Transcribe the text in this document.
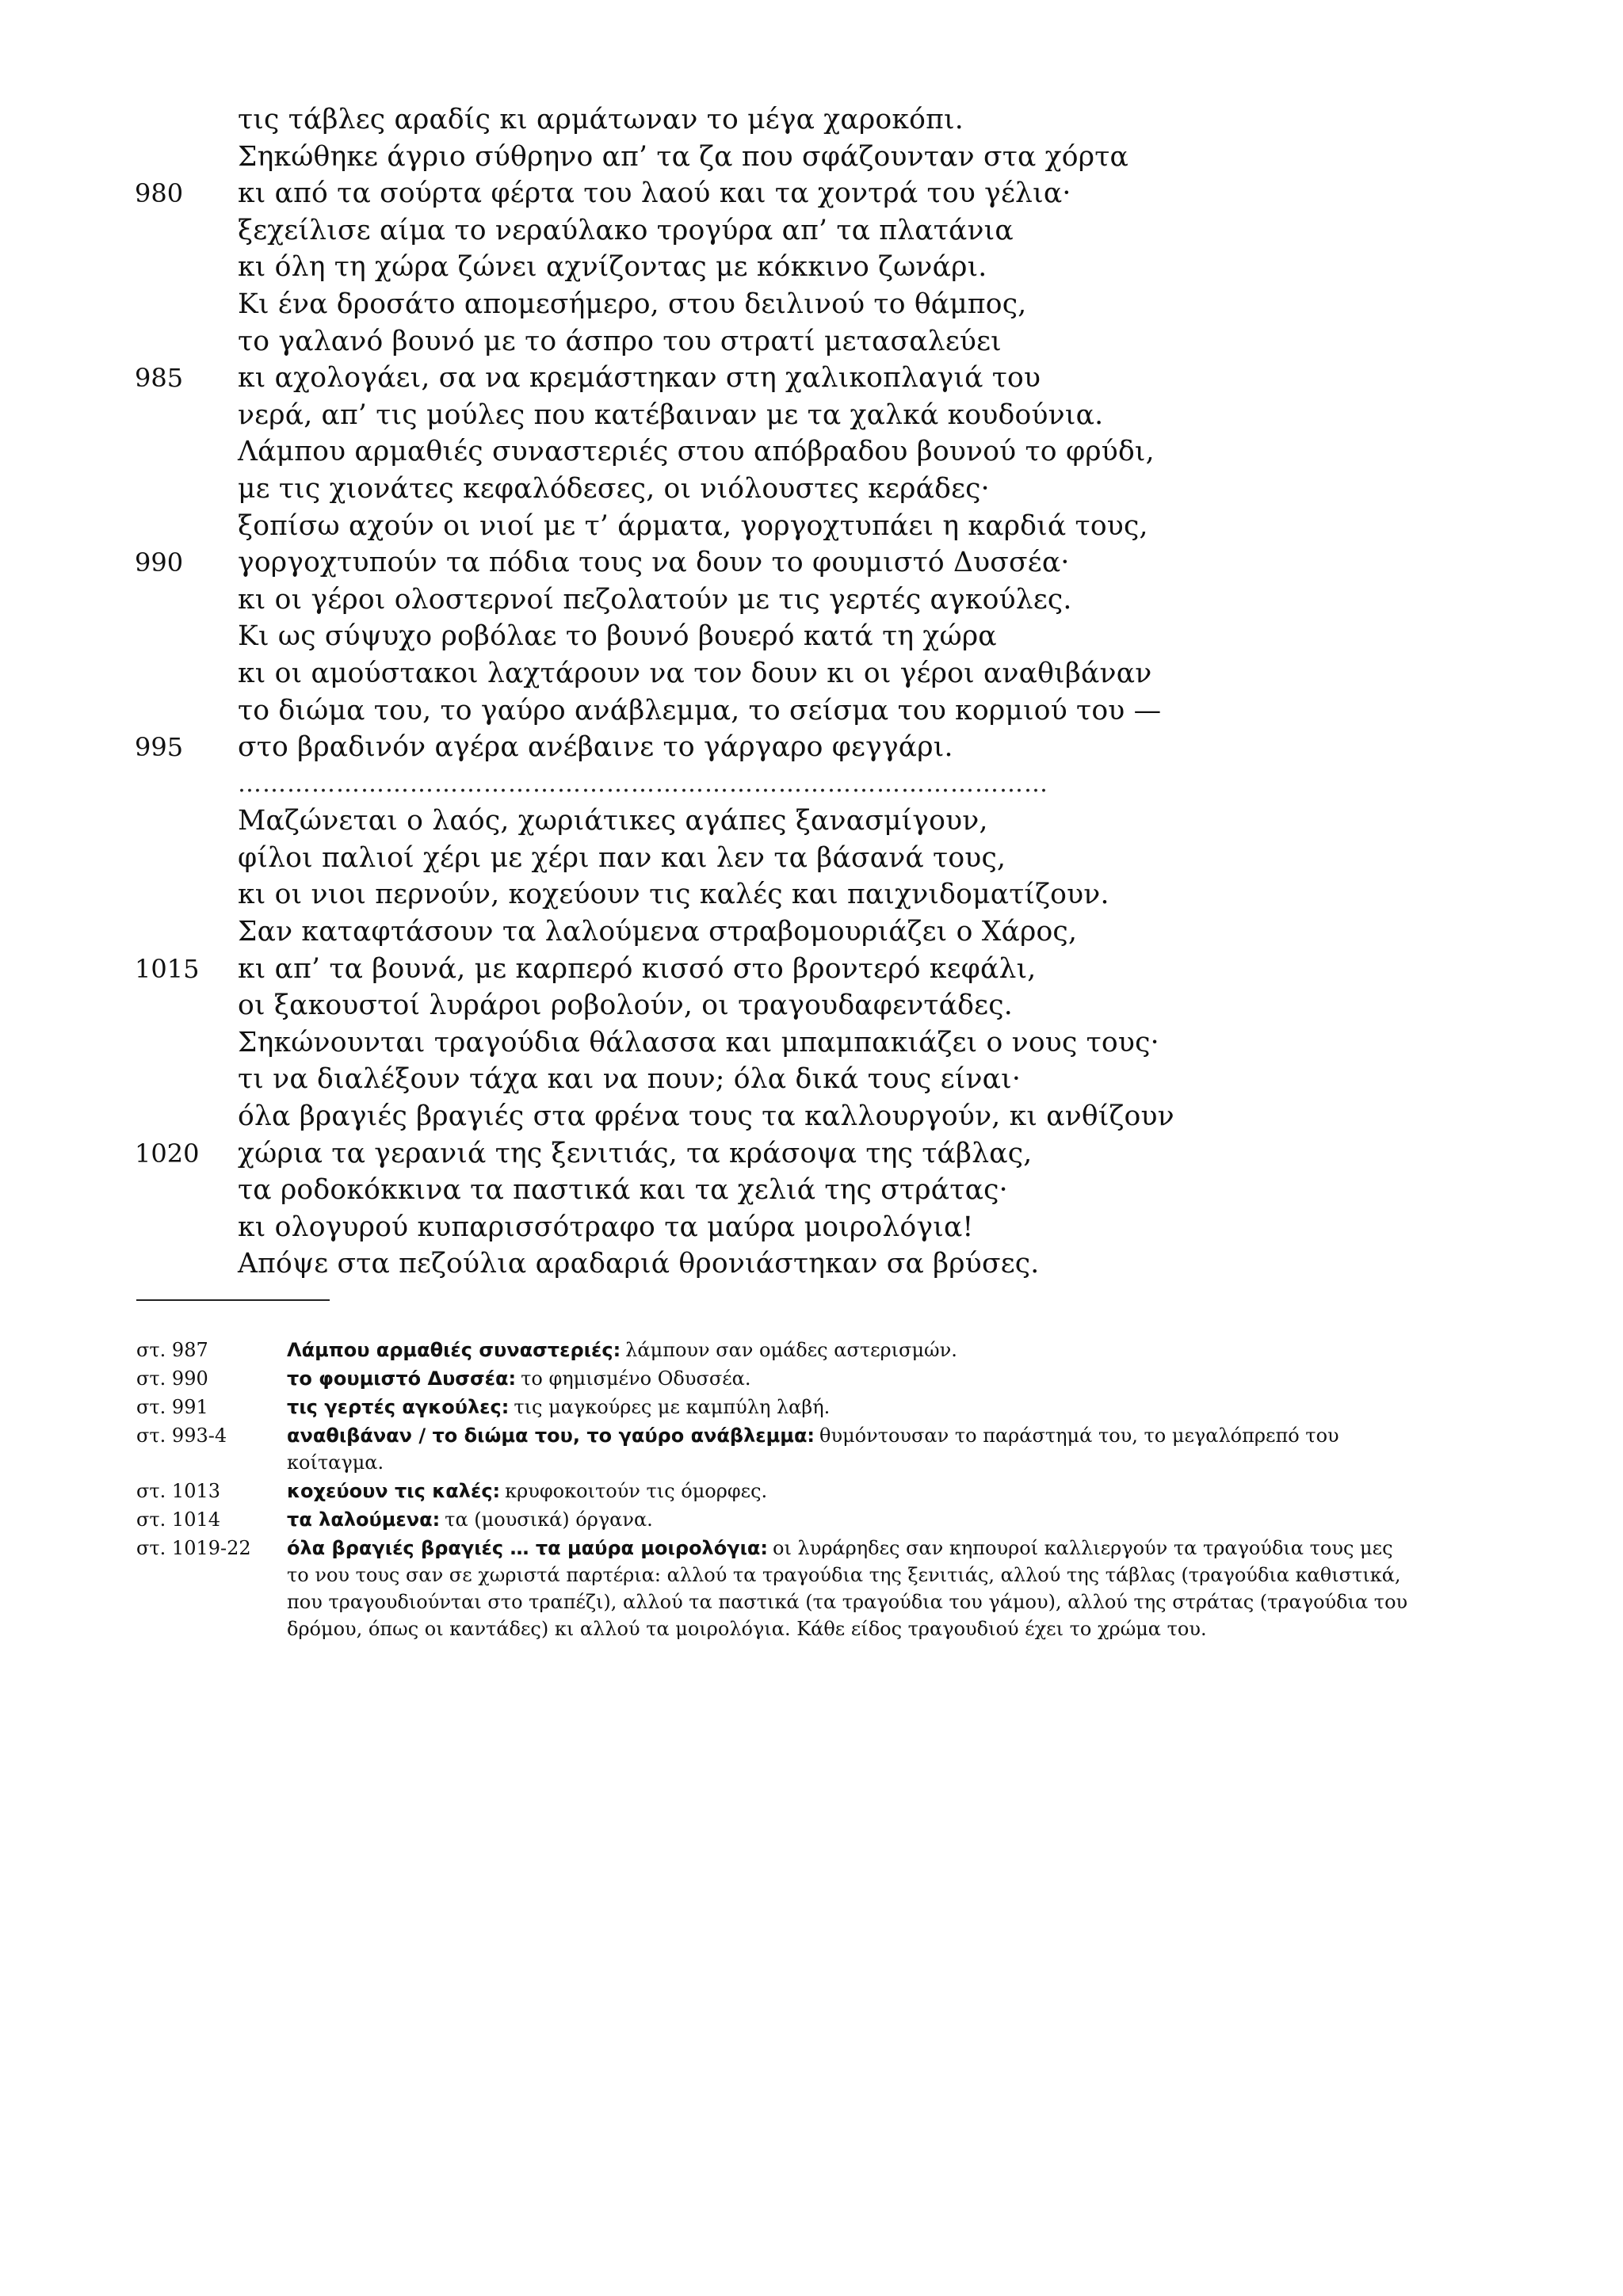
τις τάβλες αραδίς κι αρμάτωναν το μέγα χαροκόπι.
Σηκώθηκε άγριο σύθρηνο απ’ τα ζα που σφάζουνταν στα χόρτα
980	κι από τα σούρτα φέρτα του λαού και τα χοντρά του γέλια·
ξεχείλισε αίμα το νεραύλακο τρογύρα απ’ τα πλατάνια
κι όλη τη χώρα ζώνει αχνίζοντας με κόκκινο ζωνάρι.
Κι ένα δροσάτο απομεσήμερο, στου δειλινού το θάμπος,
το γαλανό βουνό με το άσπρο του στρατί μετασαλεύει
985	κι αχολογάει, σα να κρεμάστηκαν στη χαλικοπλαγιά του
νερά, απ’ τις μούλες που κατέβαιναν με τα χαλκά κουδούνια.
Λάμπου αρμαθιές συναστεριές στου απόβραδου βουνού το φρύδι,
με τις χιονάτες κεφαλόδεσες, οι νιόλουστες κεράδες·
ξοπίσω αχούν οι νιοί με τ’ άρματα, γοργοχτυπάει η καρδιά τους,
990	γοργοχτυπούν τα πόδια τους να δουν το φουμιστό Δυσσέα·
κι οι γέροι ολοστερνοί πεζολατούν με τις γερτές αγκούλες.
Κι ως σύψυχο ροβόλαε το βουνό βουερό κατά τη χώρα
κι οι αμούστακοι λαχτάρουν να τον δουν κι οι γέροι αναθιβάναν
το διώμα του, το γαύρο ανάβλεμμα, το σείσμα του κορμιού του —
995	στο βραδινόν αγέρα ανέβαινε το γάργαρο φεγγάρι.
………………………………………………………………………………………
Μαζώνεται ο λαός, χωριάτικες αγάπες ξανασμίγουν,
φίλοι παλιοί χέρι με χέρι παν και λεν τα βάσανά τους,
κι οι νιοι περνούν, κοχεύουν τις καλές και παιχνιδοματίζουν.
Σαν καταφτάσουν τα λαλούμενα στραβομουριάζει ο Χάρος,
1015	κι απ’ τα βουνά, με καρπερό κισσό στο βροντερό κεφάλι,
οι ξακουστοί λυράροι ροβολούν, οι τραγουδαφεντάδες.
Σηκώνουνται τραγούδια θάλασσα και μπαμπακιάζει ο νους τους·
τι να διαλέξουν τάχα και να πουν; όλα δικά τους είναι·
όλα βραγιές βραγιές στα φρένα τους τα καλλουργούν, κι ανθίζουν
1020	χώρια τα γερανιά της ξενιτιάς, τα κράσοψα της τάβλας,
τα ροδοκόκκινα τα παστικά και τα χελιά της στράτας·
κι ολογυρού κυπαρισσότραφο τα μαύρα μοιρολόγια!
Απόψε στα πεζούλια αραδαριά θρονιάστηκαν σα βρύσες.
στ. 987	Λάμπου αρμαθιές συναστεριές: λάμπουν σαν ομάδες αστερισμών.
στ. 990	το φουμιστό Δυσσέα: το φημισμένο Οδυσσέα.
στ. 991	τις γερτές αγκούλες: τις μαγκούρες με καμπύλη λαβή.
στ. 993-4	αναθιβάναν / το διώμα του, το γαύρο ανάβλεμμα: θυμόντουσαν το παράστημά του, το μεγαλόπρεπό του κοίταγμα.
στ. 1013	κοχεύουν τις καλές: κρυφοκοιτούν τις όμορφες.
στ. 1014	τα λαλούμενα: τα (μουσικά) όργανα.
στ. 1019-22	όλα βραγιές βραγιές … τα μαύρα μοιρολόγια: οι λυράρηδες σαν κηπουροί καλλιεργούν τα τραγούδια τους μες το νου τους σαν σε χωριστά παρτέρια: αλλού τα τραγούδια της ξενιτιάς, αλλού της τάβλας (τραγούδια καθιστικά, που τραγουδιούνται στο τραπέζι), αλλού τα παστικά (τα τραγούδια του γάμου), αλλού της στράτας (τραγούδια του δρόμου, όπως οι καντάδες) κι αλλού τα μοιρολόγια. Κάθε είδος τραγουδιού έχει το χρώμα του.
